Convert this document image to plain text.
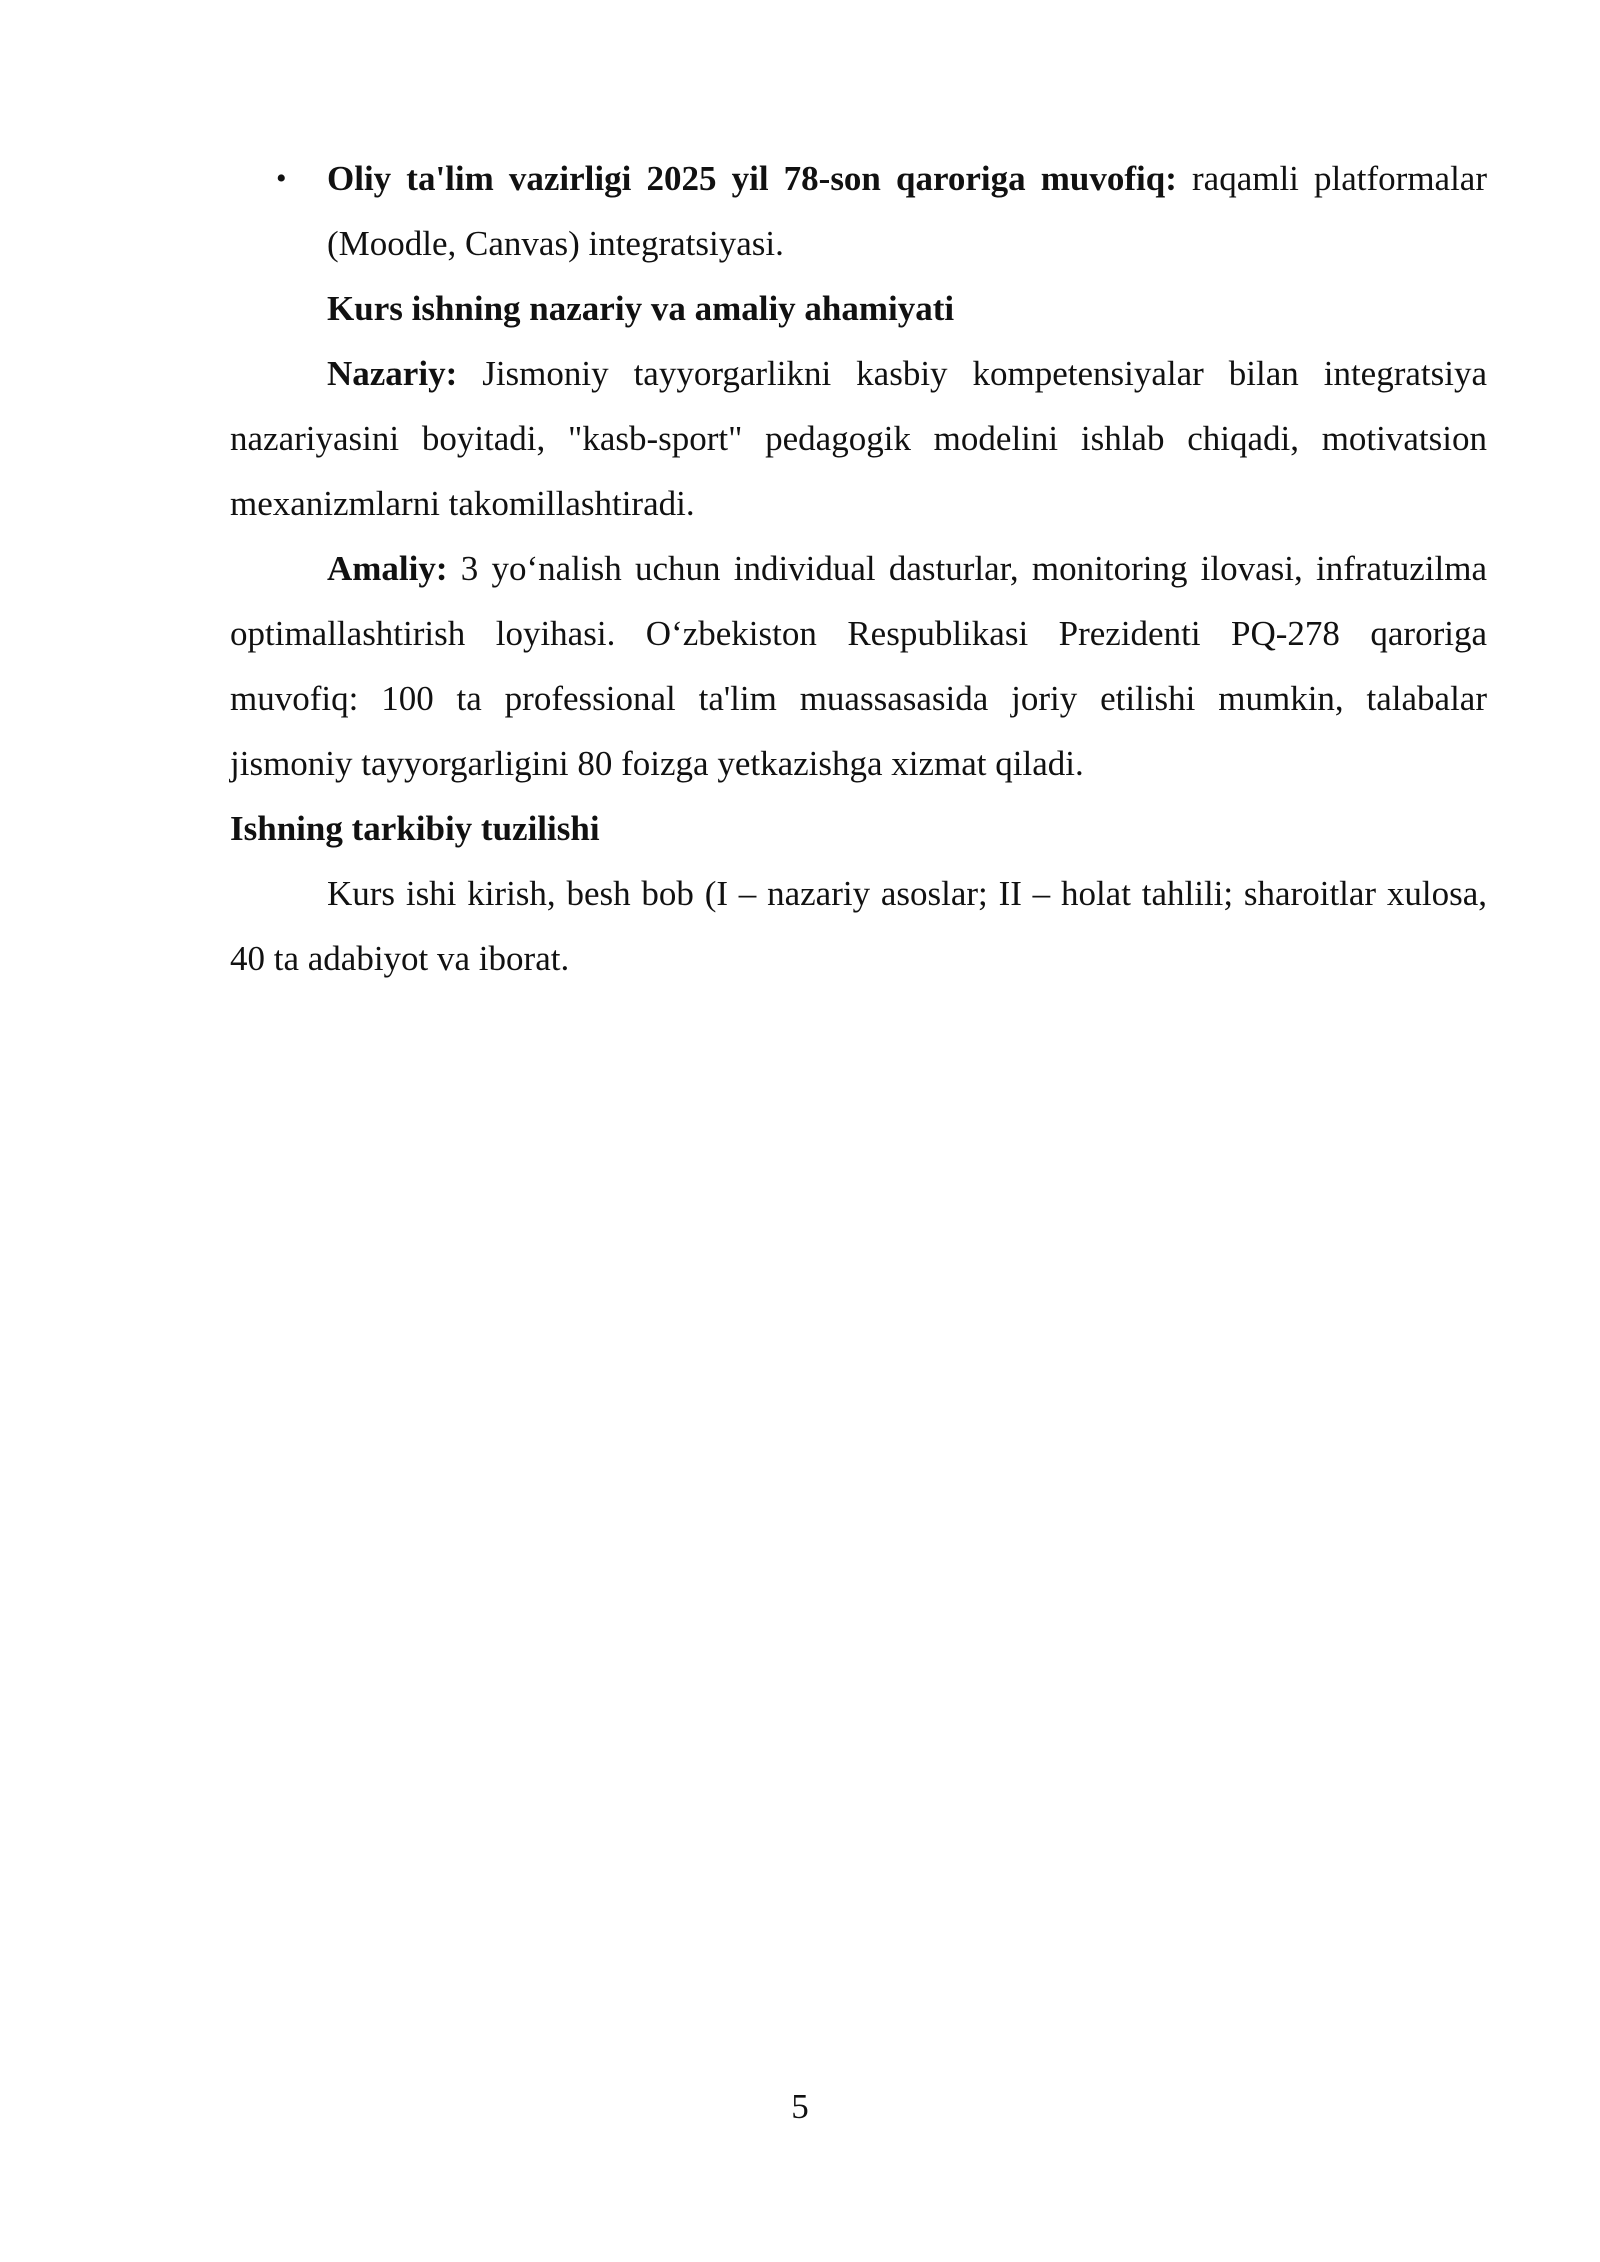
• Oliy ta'lim vazirligi 2025 yil 78-son qaroriga muvofiq: raqamli platformalar (Moodle, Canvas) integratsiyasi.

Kurs ishning nazariy va amaliy ahamiyati

Nazariy: Jismoniy tayyorgarlikni kasbiy kompetensiyalar bilan integratsiya nazariyasini boyitadi, "kasb-sport" pedagogik modelini ishlab chiqadi, motivatsion mexanizmlarni takomillashtiradi.

Amaliy: 3 yo‘nalish uchun individual dasturlar, monitoring ilovasi, infratuzilma optimallashtirish loyihasi. O‘zbekiston Respublikasi Prezidenti PQ-278 qaroriga muvofiq: 100 ta professional ta'lim muassasasida joriy etilishi mumkin, talabalar jismoniy tayyorgarligini 80 foizga yetkazishga xizmat qiladi.

Ishning tarkibiy tuzilishi

Kurs ishi kirish, besh bob (I – nazariy asoslar; II – holat tahlili; sharoitlar xulosa, 40 ta adabiyot va iborat.

5
